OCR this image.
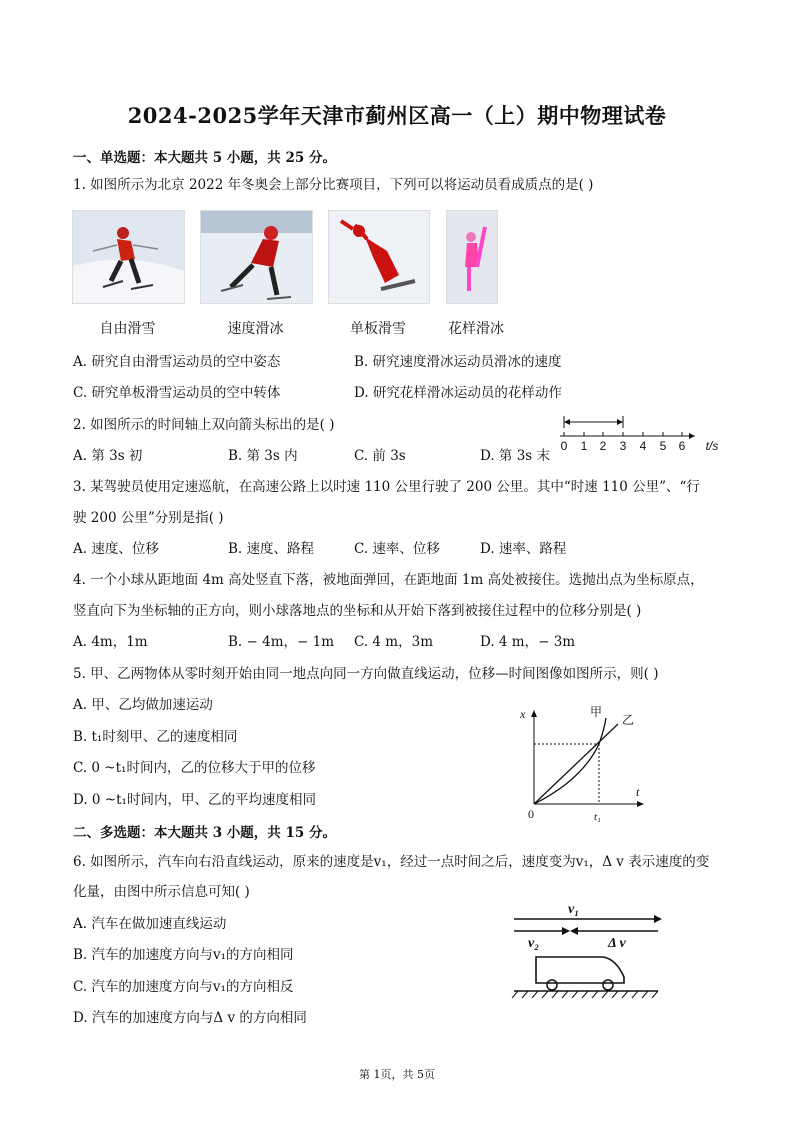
2024-2025学年天津市蓟州区高一（上）期中物理试卷
一、单选题：本大题共 5 小题，共 25 分。
1. 如图所示为北京 2022 年冬奥会上部分比赛项目，下列可以将运动员看成质点的是( )
自由滑雪	速度滑冰	单板滑雪	花样滑冰
A. 研究自由滑雪运动员的空中姿态	B. 研究速度滑冰运动员滑冰的速度
C. 研究单板滑雪运动员的空中转体	D. 研究花样滑冰运动员的花样动作
2. 如图所示的时间轴上双向箭头标出的是( )
0 1 2 3 4 5 6 t/s
A. 第 3s 初	B. 第 3s 内	C. 前 3s	D. 第 3s 末
3. 某驾驶员使用定速巡航，在高速公路上以时速 110 公里行驶了 200 公里。其中“时速 110 公里”、“行
驶 200 公里”分别是指( )
A. 速度、位移	B. 速度、路程	C. 速率、位移	D. 速率、路程
4. 一个小球从距地面 4m 高处竖直下落，被地面弹回，在距地面 1m 高处被接住。选抛出点为坐标原点，
竖直向下为坐标轴的正方向，则小球落地点的坐标和从开始下落到被接住过程中的位移分别是( )
A. 4m，1m	B. − 4m，− 1m C. 4 m，3m	D. 4 m，− 3m
5. 甲、乙两物体从零时刻开始由同一地点向同一方向做直线运动，位移—时间图像如图所示，则( )
A. 甲、乙均做加速运动
B. t₁时刻甲、乙的速度相同
C. 0 ~t₁时间内，乙的位移大于甲的位移
D. 0 ~t₁时间内，甲、乙的平均速度相同
x
t
0	t₁
甲
乙
二、多选题：本大题共 3 小题，共 15 分。
6. 如图所示，汽车向右沿直线运动，原来的速度是v₁，经过一点时间之后，速度变为v₁，Δ v 表示速度的变
化量，由图中所示信息可知( )
A. 汽车在做加速直线运动
B. 汽车的加速度方向与v₁的方向相同
C. 汽车的加速度方向与v₁的方向相反
D. 汽车的加速度方向与Δ v 的方向相同
v₁
v₂	Δ v
第 1页，共 5页
